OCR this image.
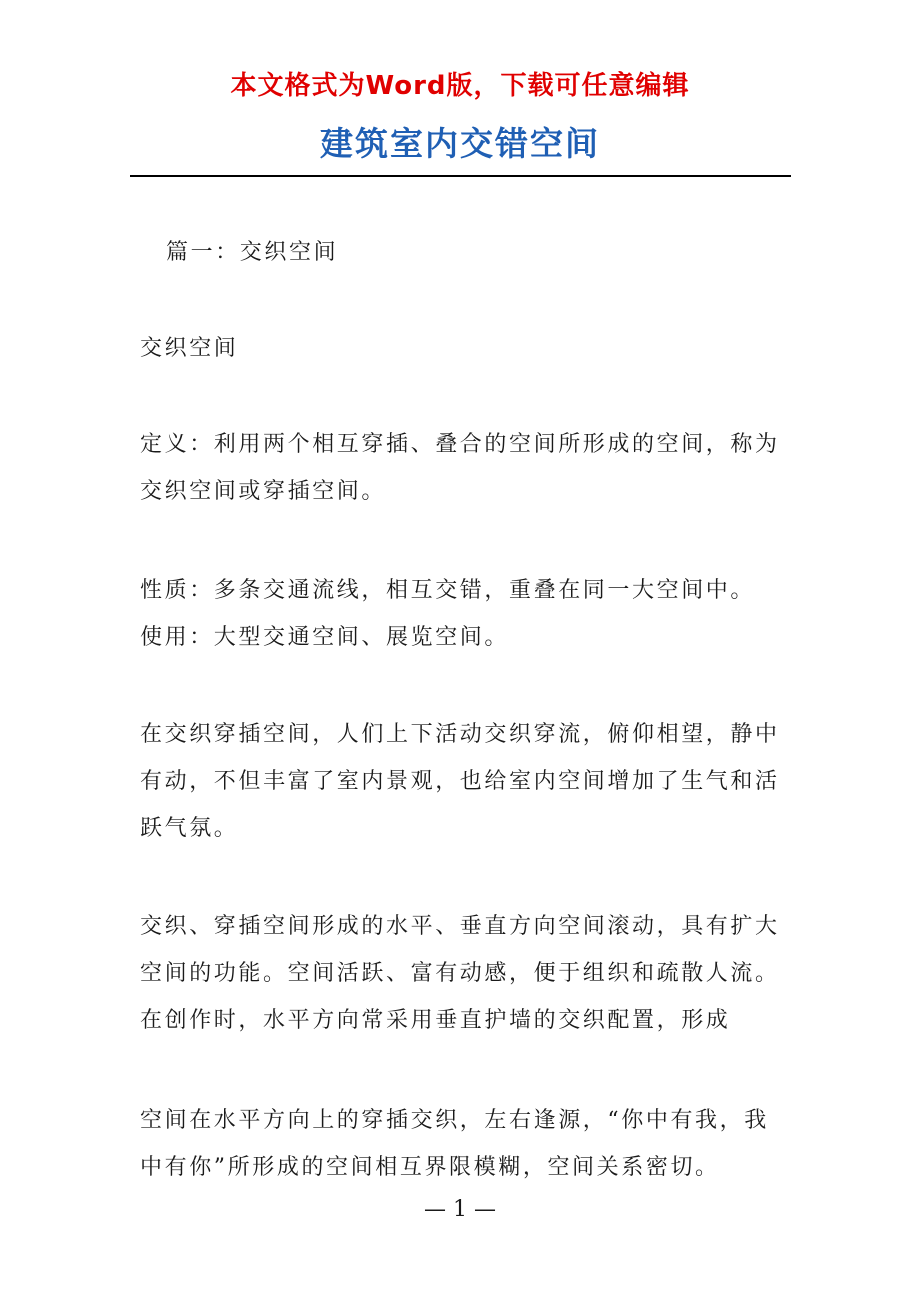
本文格式为Word版，下载可任意编辑
建筑室内交错空间

篇一：交织空间

交织空间

定义：利用两个相互穿插、叠合的空间所形成的空间，称为
交织空间或穿插空间。

性质：多条交通流线，相互交错，重叠在同一大空间中。
使用：大型交通空间、展览空间。

在交织穿插空间，人们上下活动交织穿流，俯仰相望，静中
有动，不但丰富了室内景观，也给室内空间增加了生气和活
跃气氛。

交织、穿插空间形成的水平、垂直方向空间滚动，具有扩大
空间的功能。空间活跃、富有动感，便于组织和疏散人流。
在创作时，水平方向常采用垂直护墙的交织配置，形成

空间在水平方向上的穿插交织，左右逢源，“你中有我，我
中有你”所形成的空间相互界限模糊，空间关系密切。

— 1 —
